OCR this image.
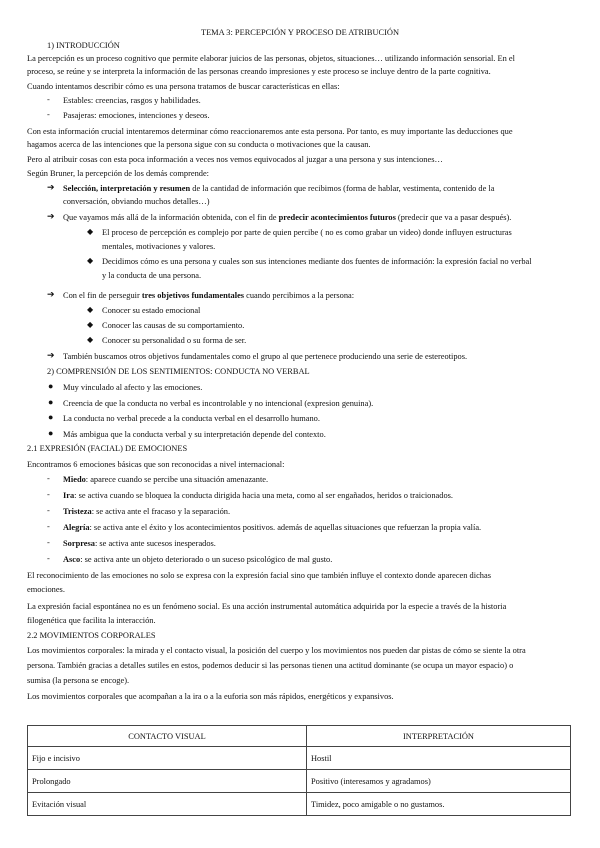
TEMA 3: PERCEPCIÓN Y PROCESO DE ATRIBUCIÓN
1) INTRODUCCIÓN
La percepción es un proceso cognitivo que permite elaborar juicios de las personas, objetos, situaciones… utilizando información sensorial. En el
proceso, se reúne y se interpreta la información de las personas creando impresiones y este proceso se incluye dentro de la parte cognitiva.
Cuando intentamos describir cómo es una persona tratamos de buscar características en ellas:
- Estables: creencias, rasgos y habilidades.
- Pasajeras: emociones, intenciones y deseos.
Con esta información crucial intentaremos determinar cómo reaccionaremos ante esta persona. Por tanto, es muy importante las deducciones que
hagamos acerca de las intenciones que la persona sigue con su conducta o motivaciones que la causan.
Pero al atribuir cosas con esta poca información a veces nos vemos equivocados al juzgar a una persona y sus intenciones…
Según Bruner, la percepción de los demás comprende:
➔ Selección, interpretación y resumen de la cantidad de información que recibimos (forma de hablar, vestimenta, contenido de la
conversación, obviando muchos detalles…)
➔ Que vayamos más allá de la información obtenida, con el fin de predecir acontecimientos futuros (predecir que va a pasar después).
◆ El proceso de percepción es complejo por parte de quien percibe ( no es como grabar un video) donde influyen estructuras
mentales, motivaciones y valores.
◆ Decidimos cómo es una persona y cuales son sus intenciones mediante dos fuentes de información: la expresión facial no verbal
y la conducta de una persona.
➔ Con el fin de perseguir tres objetivos fundamentales cuando percibimos a la persona:
◆ Conocer su estado emocional
◆ Conocer las causas de su comportamiento.
◆ Conocer su personalidad o su forma de ser.
➔ También buscamos otros objetivos fundamentales como el grupo al que pertenece produciendo una serie de estereotipos.
2) COMPRENSIÓN DE LOS SENTIMIENTOS: CONDUCTA NO VERBAL
● Muy vinculado al afecto y las emociones.
● Creencia de que la conducta no verbal es incontrolable y no intencional (expresion genuina).
● La conducta no verbal precede a la conducta verbal en el desarrollo humano.
● Más ambigua que la conducta verbal y su interpretación depende del contexto.
2.1 EXPRESIÓN (FACIAL) DE EMOCIONES
Encontramos 6 emociones básicas que son reconocidas a nivel internacional:
- Miedo: aparece cuando se percibe una situación amenazante.
- Ira: se activa cuando se bloquea la conducta dirigida hacia una meta, como al ser engañados, heridos o traicionados.
- Tristeza: se activa ante el fracaso y la separación.
- Alegría: se activa ante el éxito y los acontecimientos positivos. además de aquellas situaciones que refuerzan la propia valía.
- Sorpresa: se activa ante sucesos inesperados.
- Asco: se activa ante un objeto deteriorado o un suceso psicológico de mal gusto.
El reconocimiento de las emociones no solo se expresa con la expresión facial sino que también influye el contexto donde aparecen dichas
emociones.
La expresión facial espontánea no es un fenómeno social. Es una acción instrumental automática adquirida por la especie a través de la historia
filogenética que facilita la interacción.
2.2 MOVIMIENTOS CORPORALES
Los movimientos corporales: la mirada y el contacto visual, la posición del cuerpo y los movimientos nos pueden dar pistas de cómo se siente la otra
persona. También gracias a detalles sutiles en estos, podemos deducir si las personas tienen una actitud dominante (se ocupa un mayor espacio) o
sumisa (la persona se encoge).
Los movimientos corporales que acompañan a la ira o a la euforia son más rápidos, energéticos y expansivos.
CONTACTO VISUAL	INTERPRETACIÓN
Fijo e incisivo	Hostil
Prolongado	Positivo (interesamos y agradamos)
Evitación visual	Timidez, poco amigable o no gustamos.
